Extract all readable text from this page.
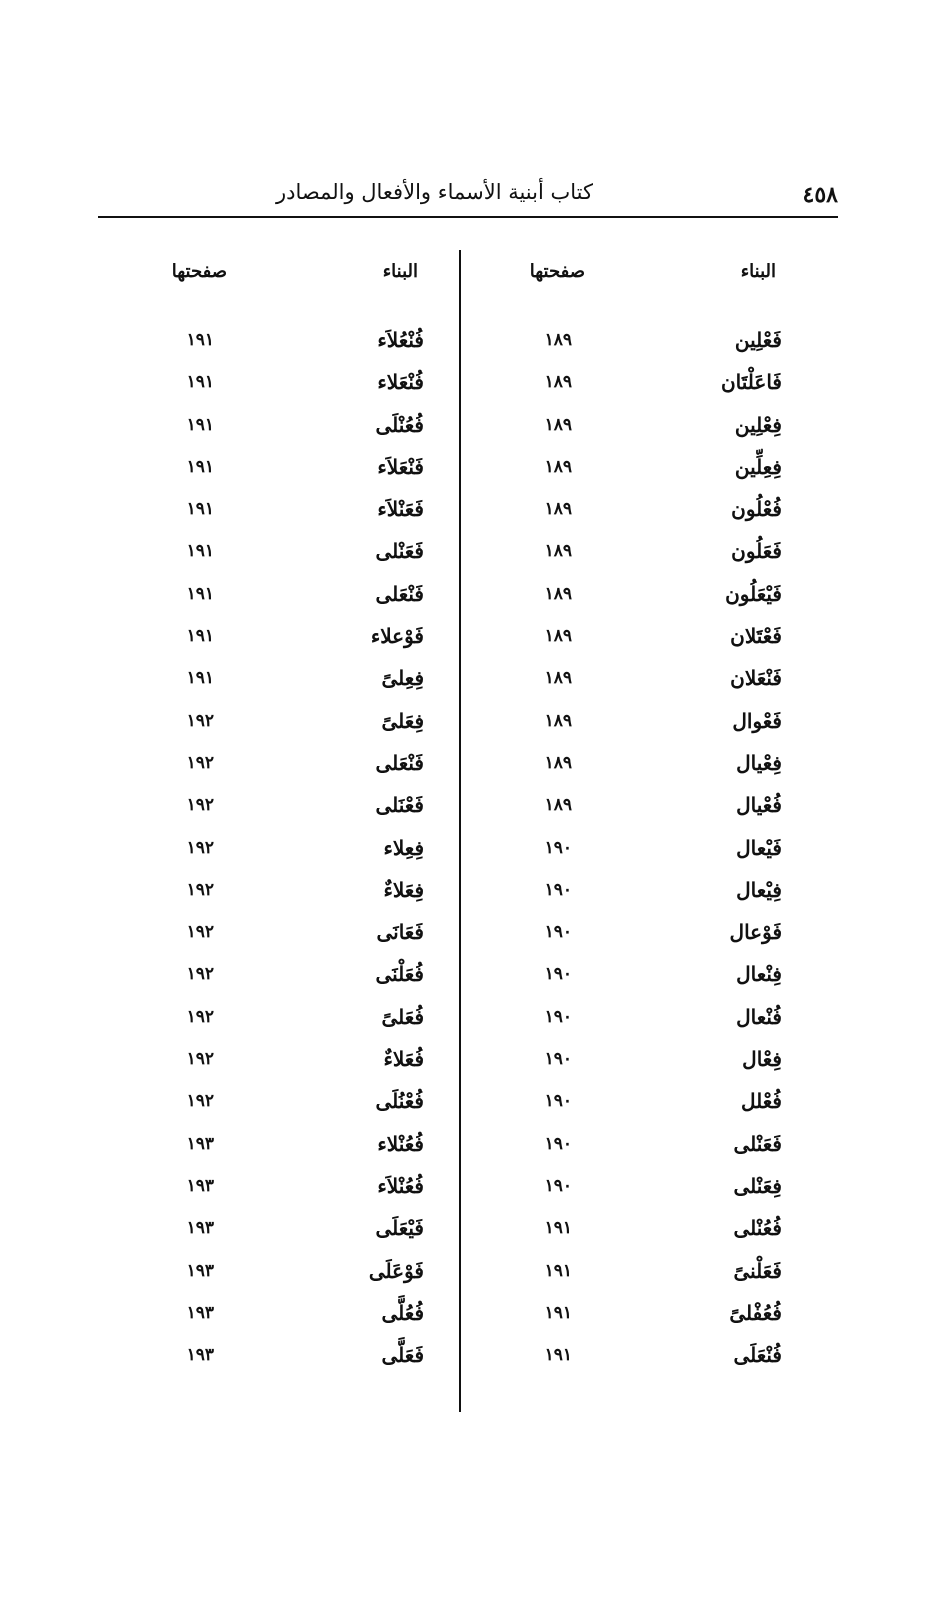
٤٥٨
كتاب أبنية الأسماء والأفعال والمصادر
البناء
صفحتها
فَعْلِين
١٨٩
فَاعَلْتَان
١٨٩
فِعْلِين
١٨٩
فِعِلِّين
١٨٩
فُعْلُون
١٨٩
فَعَلُون
١٨٩
فَيْعَلُون
١٨٩
فَعْتَلان
١٨٩
فَنْعَلان
١٨٩
فَعْوال
١٨٩
فِعْيال
١٨٩
فُعْيال
١٨٩
فَيْعال
١٩٠
فِيْعال
١٩٠
فَوْعال
١٩٠
فِنْعال
١٩٠
فُنْعال
١٩٠
فِعْال
١٩٠
فُعْلل
١٩٠
فَعَنْلى
١٩٠
فِعَنْلى
١٩٠
فُعُنْلى
١٩١
فَعَلْنىً
١٩١
فُعُفْلىً
١٩١
فُنْعَلَى
١٩١
البناء
صفحتها
فُنْعُلاَء
١٩١
فُنْعَلاء
١٩١
فُعُنْلَى
١٩١
فَنْعَلاَء
١٩١
فَعَنْلاَء
١٩١
فَعَنْلى
١٩١
فَنْعَلى
١٩١
فَوْعلاء
١٩١
فِعِلىً
١٩١
فِعَلىً
١٩٢
فَنْعَلى
١٩٢
فَعْنَلى
١٩٢
فِعِلاء
١٩٢
فِعَلاءٌ
١٩٢
فَعَانَى
١٩٢
فُعَلْنَى
١٩٢
فُعَلىً
١٩٢
فُعَلاءٌ
١٩٢
فُعْنُلَى
١٩٢
فُعُنْلاء
١٩٣
فُعُنْلاَء
١٩٣
فَيْعَلَى
١٩٣
فَوْعَلَى
١٩٣
فُعُلَّى
١٩٣
فَعَلَّى
١٩٣
